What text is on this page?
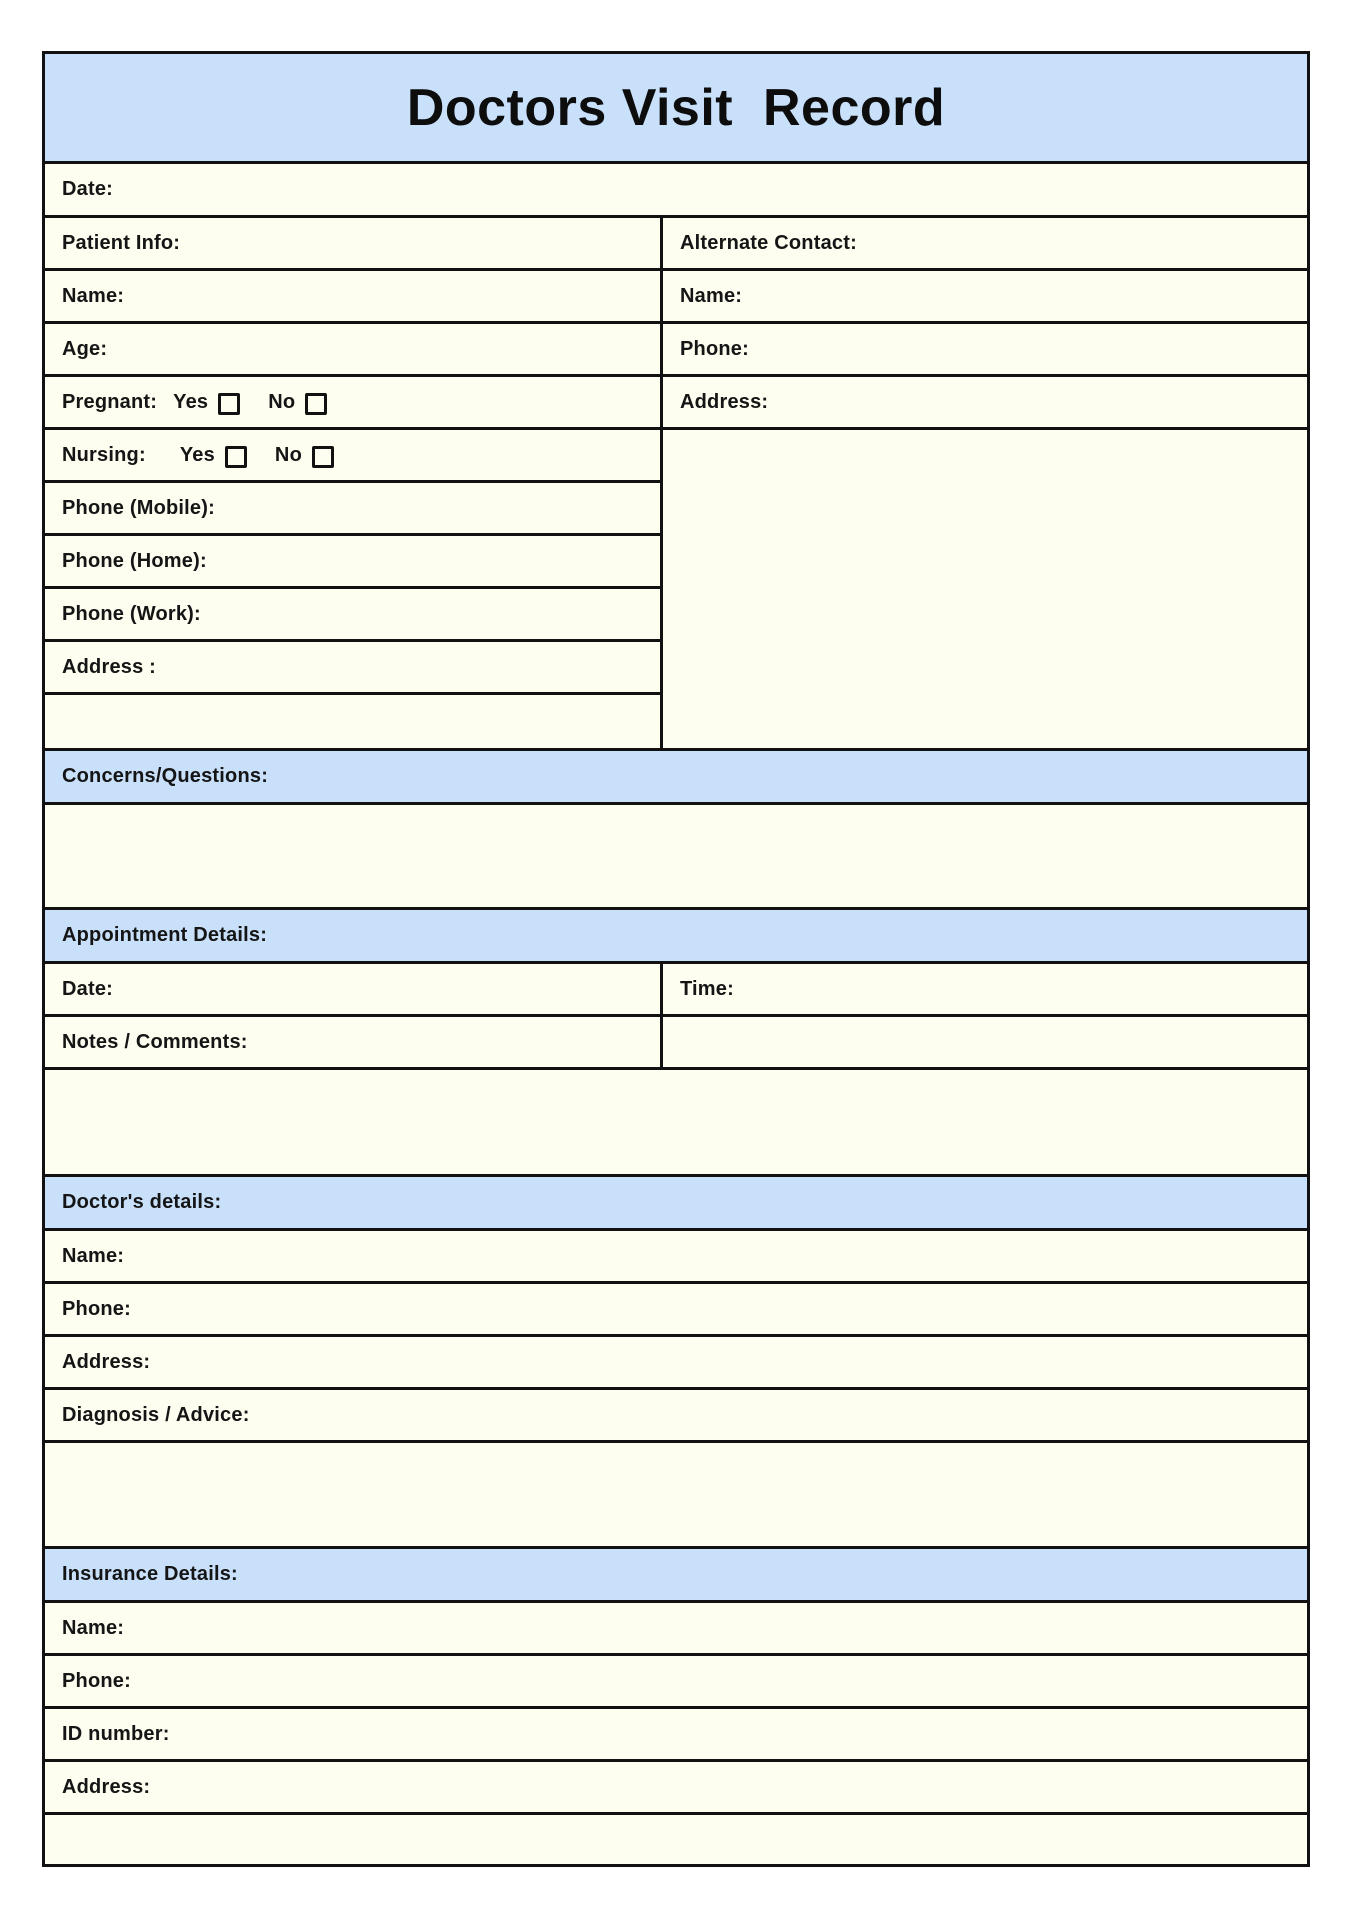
Doctors Visit  Record
Date:
Patient Info:
Name:
Age:
Pregnant: Yes	No
Nursing: Yes	No
Phone (Mobile):
Phone (Home):
Phone (Work):
Address :
Alternate Contact:
Name:
Phone:
Address:
Concerns/Questions:
Appointment Details:
Date:	Time:
Notes / Comments:
Doctor's details:
Name:
Phone:
Address:
Diagnosis / Advice:
Insurance Details:
Name:
Phone:
ID number:
Address:
